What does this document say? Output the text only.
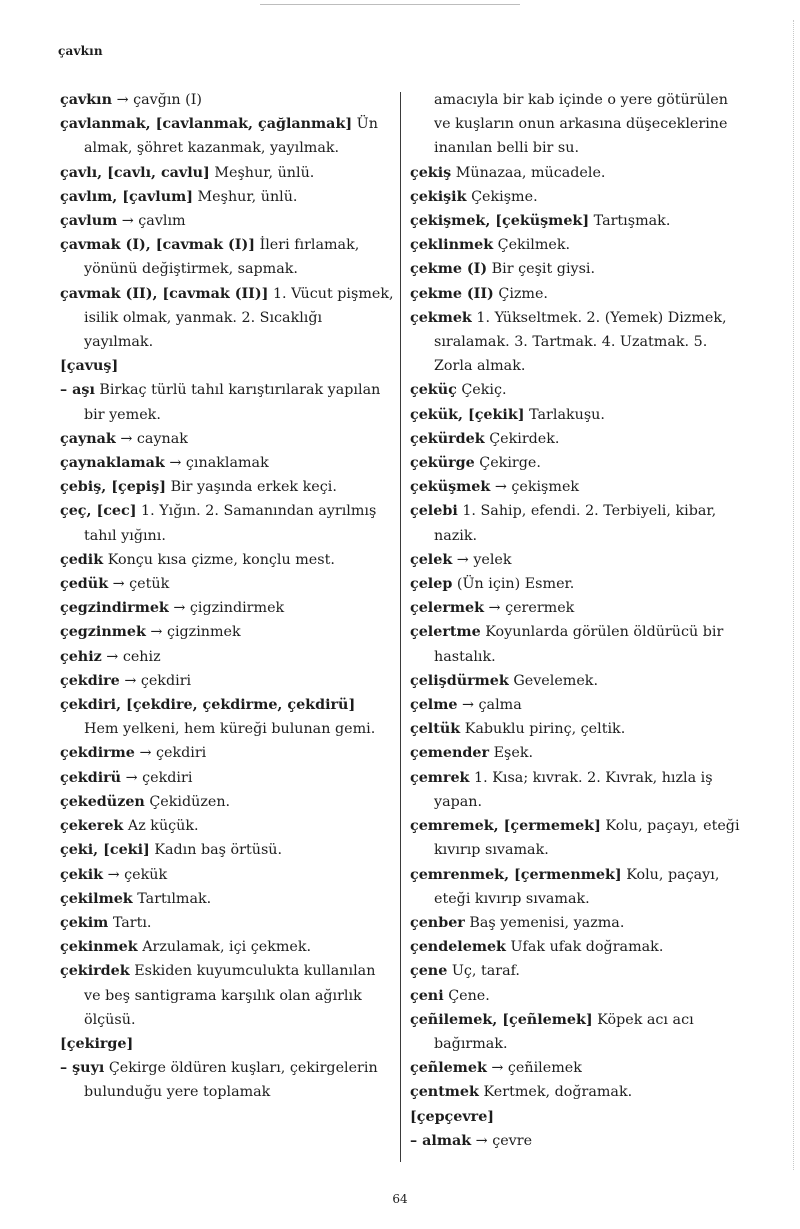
çavkın

çavkın → çavğın (I)

çavlanmak, [cavlanmak, çağlanmak] Ün almak, şöhret kazanmak, yayılmak.

çavlı, [cavlı, cavlu] Meşhur, ünlü.

çavlım, [çavlum] Meşhur, ünlü.

çavlum → çavlım

çavmak (I), [cavmak (I)] İleri fırlamak, yönünü değiştirmek, sapmak.

çavmak (II), [cavmak (II)] 1. Vücut pişmek, isilik olmak, yanmak. 2. Sıcaklığı yayılmak.

[çavuş]

– aşı Birkaç türlü tahıl karıştırılarak yapılan bir yemek.

çaynak → caynak

çaynaklamak → çınaklamak

çebiş, [çepiş] Bir yaşında erkek keçi.

çeç, [cec] 1. Yığın. 2. Samanından ayrılmış tahıl yığını.

çedik Konçu kısa çizme, konçlu mest.

çedük → çetük

çegzindirmek → çigzindirmek

çegzinmek → çigzinmek

çehiz → cehiz

çekdire → çekdiri

çekdiri, [çekdire, çekdirme, çekdirü] Hem yelkeni, hem küreği bulunan gemi.

çekdirme → çekdiri

çekdirü → çekdiri

çekedüzen Çekidüzen.

çekerek Az küçük.

çeki, [ceki] Kadın baş örtüsü.

çekik → çekük

çekilmek Tartılmak.

çekim Tartı.

çekinmek Arzulamak, içi çekmek.

çekirdek Eskiden kuyumculukta kullanılan ve beş santigrama karşılık olan ağırlık ölçüsü.

[çekirge]

– şuyı Çekirge öldüren kuşları, çekirgelerin bulunduğu yere toplamak

amacıyla bir kab içinde o yere götürülen ve kuşların onun arkasına düşeceklerine inanılan belli bir su.

çekiş Münazaa, mücadele.

çekişik Çekişme.

çekişmek, [çeküşmek] Tartışmak.

çeklinmek Çekilmek.

çekme (I) Bir çeşit giysi.

çekme (II) Çizme.

çekmek 1. Yükseltmek. 2. (Yemek) Dizmek, sıralamak. 3. Tartmak. 4. Uzatmak. 5. Zorla almak.

çeküç Çekiç.

çekük, [çekik] Tarlakuşu.

çekürdek Çekirdek.

çekürge Çekirge.

çeküşmek → çekişmek

çelebi 1. Sahip, efendi. 2. Terbiyeli, kibar, nazik.

çelek → yelek

çelep (Ün için) Esmer.

çelermek → çerermek

çelertme Koyunlarda görülen öldürücü bir hastalık.

çelişdürmek Gevelemek.

çelme → çalma

çeltük Kabuklu pirinç, çeltik.

çemender Eşek.

çemrek 1. Kısa; kıvrak. 2. Kıvrak, hızla iş yapan.

çemremek, [çermemek] Kolu, paçayı, eteği kıvırıp sıvamak.

çemrenmek, [çermenmek] Kolu, paçayı, eteği kıvırıp sıvamak.

çenber Baş yemenisi, yazma.

çendelemek Ufak ufak doğramak.

çene Uç, taraf.

çeni Çene.

çeñilemek, [çeñlemek] Köpek acı acı bağırmak.

çeñlemek → çeñilemek

çentmek Kertmek, doğramak.

[çepçevre]

– almak → çevre

64
